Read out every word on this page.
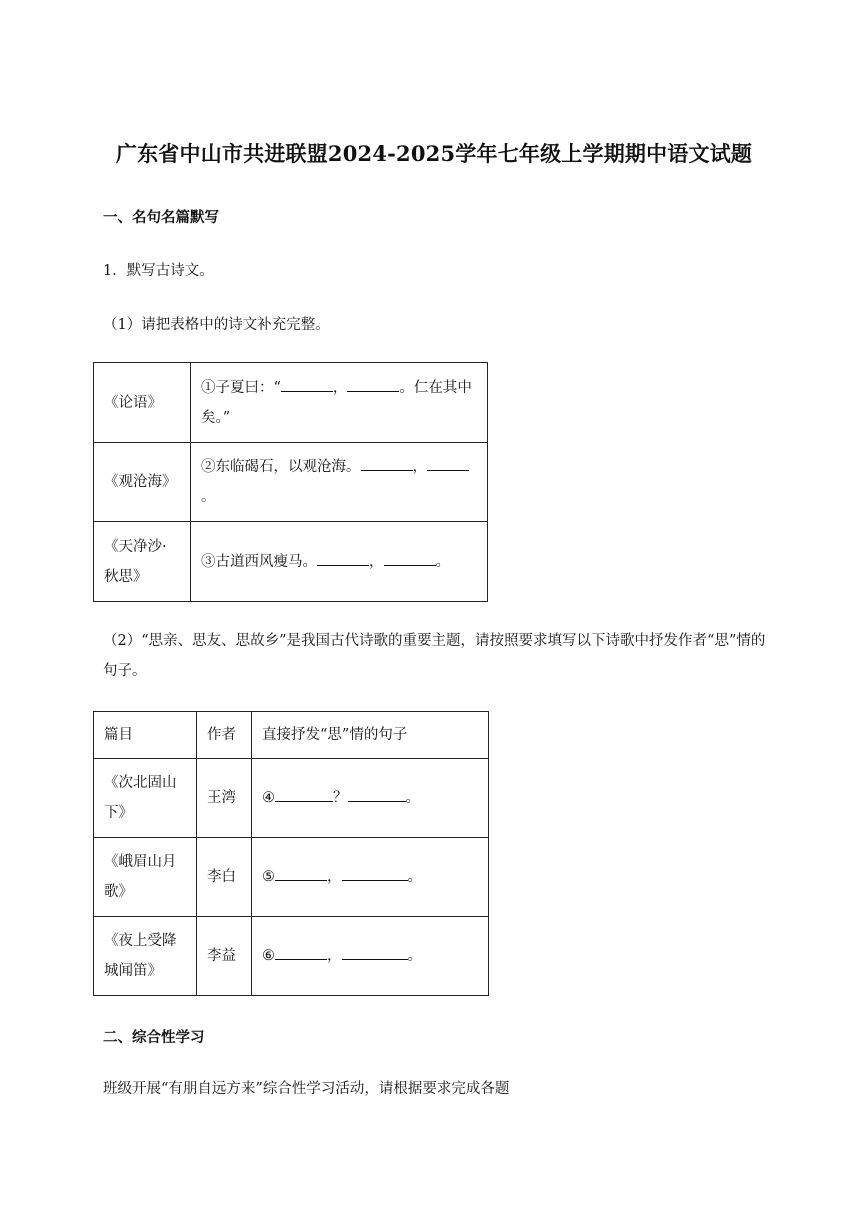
广东省中山市共进联盟2024-2025学年七年级上学期期中语文试题
一、名句名篇默写
1．默写古诗文。
（1）请把表格中的诗文补充完整。
《论语》	①子夏曰：“ ， 。仁在其中矣。”
《观沧海》	②东临碣石，以观沧海。 ，。
《天净沙·秋思》	③古道西风瘦马。 ， 。
（2）“思亲、思友、思故乡”是我国古代诗歌的重要主题，请按照要求填写以下诗歌中抒发作者“思”情的句子。
篇目	作者	直接抒发“思”情的句子
《次北固山下》	王湾	④ ？ 。
《峨眉山月歌》	李白	⑤ ， 。
《夜上受降城闻笛》	李益	⑥ ， 。
二、综合性学习
班级开展“有朋自远方来”综合性学习活动，请根据要求完成各题
